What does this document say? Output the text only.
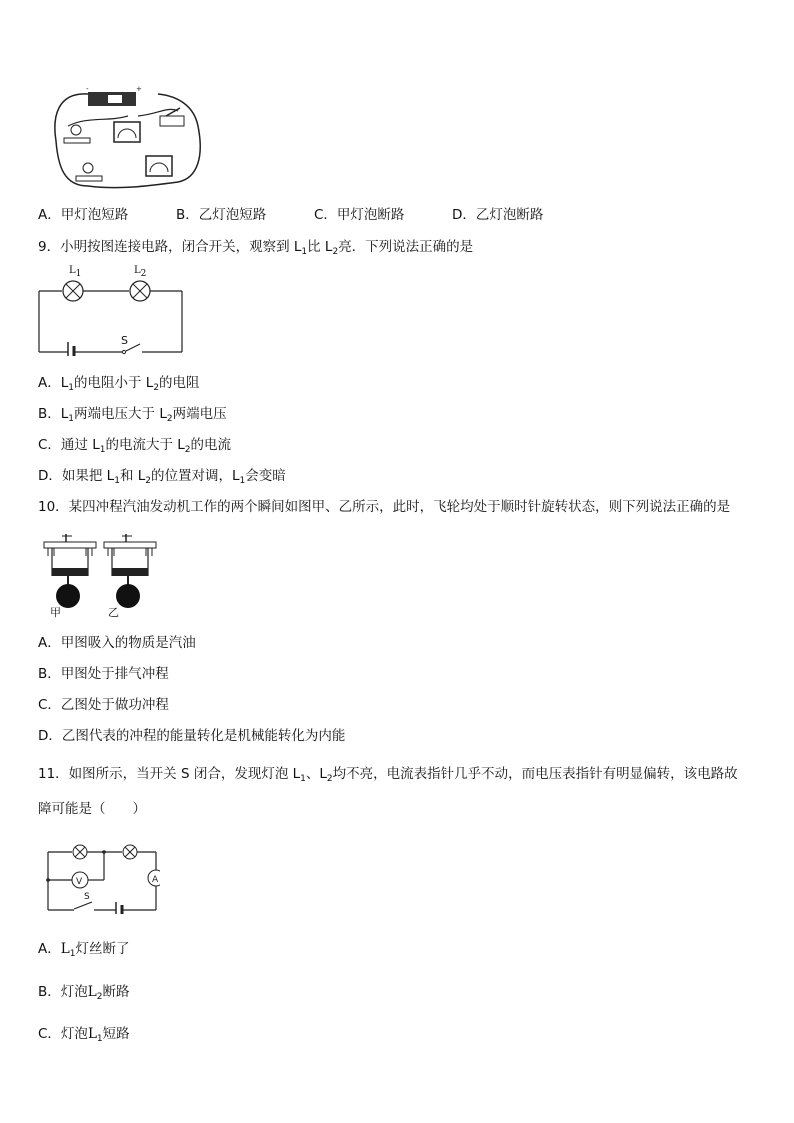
+
-
A．甲灯泡短路	B．乙灯泡短路	C．甲灯泡断路	D．乙灯泡断路
9．小明按图连接电路，闭合开关，观察到 $L_1$比 $L_2$亮．下列说法正确的是
$L_1$	$L_2$
S
A．$L_1$的电阻小于 $L_2$的电阻
B．$L_1$两端电压大于 $L_2$两端电压
C．通过 $L_1$的电流大于 $L_2$的电流
D．如果把 $L_1$和 $L_2$的位置对调，$L_1$会变暗
10．某四冲程汽油发动机工作的两个瞬间如图甲、乙所示，此时，飞轮均处于顺时针旋转状态，则下列说法正确的是
甲	乙
A．甲图吸入的物质是汽油
B．甲图处于排气冲程
C．乙图处于做功冲程
D．乙图代表的冲程的能量转化是机械能转化为内能
11．如图所示，当开关 S 闭合，发现灯泡 $L_1$、$L_2$均不亮，电流表指针几乎不动，而电压表指针有明显偏转，该电路故
障可能是（　　）
A
V
S
A．$L_1$灯丝断了
B．灯泡$L_2$断路
C．灯泡$L_1$短路
